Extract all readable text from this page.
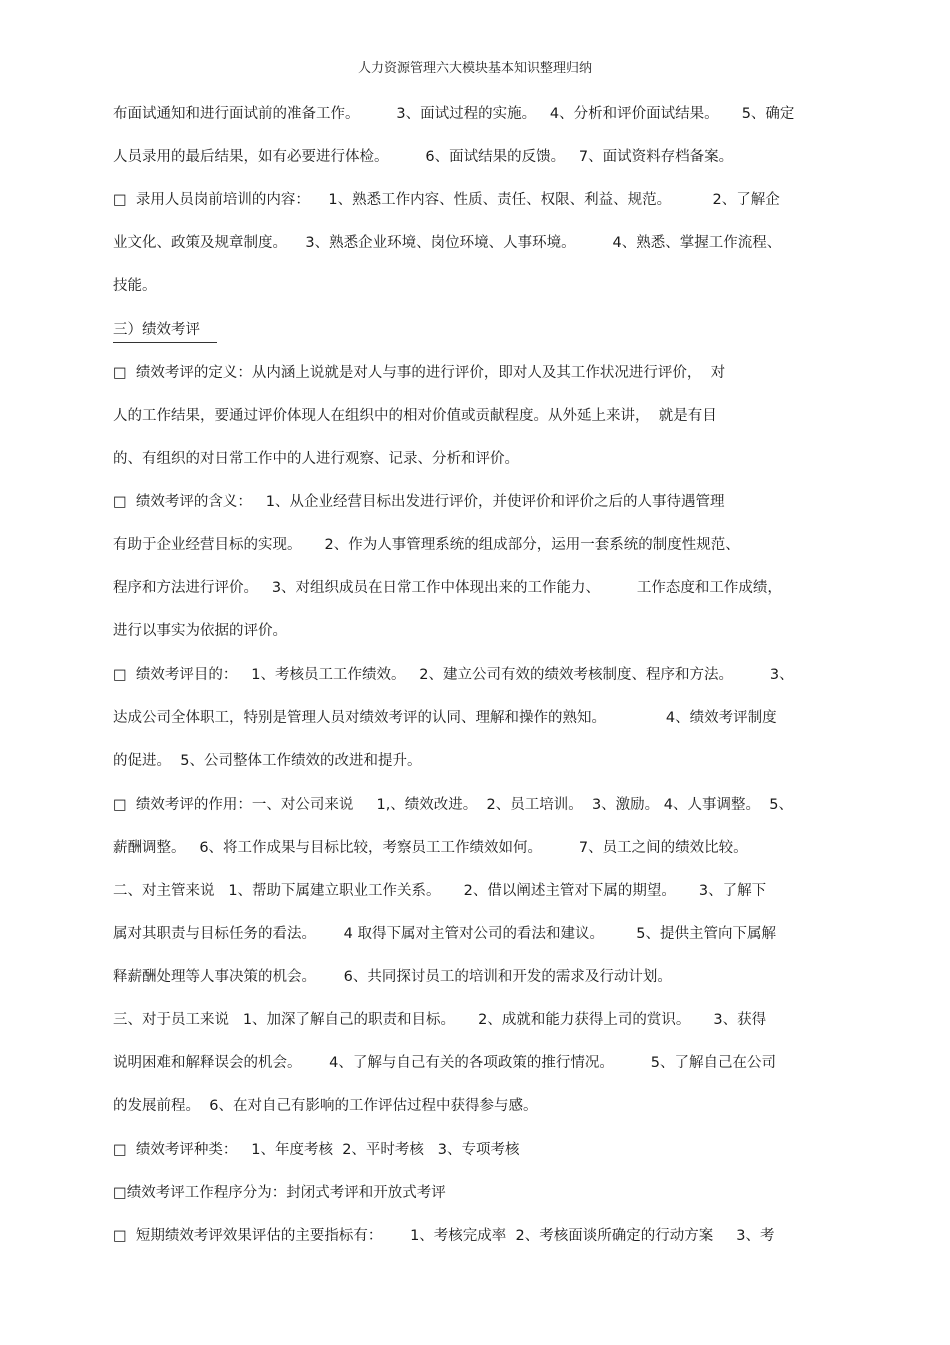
人力资源管理六大模块基本知识整理归纳
布面试通知和进行面试前的准备工作。        3、面试过程的实施。   4、分析和评价面试结果。     5、确定
人员录用的最后结果，如有必要进行体检。        6、面试结果的反馈。   7、面试资料存档备案。
□  录用人员岗前培训的内容：    1、熟悉工作内容、性质、责任、权限、利益、规范。         2、了解企
业文化、政策及规章制度。    3、熟悉企业环境、岗位环境、人事环境。        4、熟悉、掌握工作流程、
技能。
三）绩效考评
□  绩效考评的定义：从内涵上说就是对人与事的进行评价，即对人及其工作状况进行评价，  对
人的工作结果，要通过评价体现人在组织中的相对价值或贡献程度。从外延上来讲，  就是有目
的、有组织的对日常工作中的人进行观察、记录、分析和评价。
□  绩效考评的含义：   1、从企业经营目标出发进行评价，并使评价和评价之后的人事待遇管理
有助于企业经营目标的实现。     2、作为人事管理系统的组成部分，运用一套系统的制度性规范、
程序和方法进行评价。   3、对组织成员在日常工作中体现出来的工作能力、        工作态度和工作成绩，
进行以事实为依据的评价。
□  绩效考评目的：   1、考核员工工作绩效。   2、建立公司有效的绩效考核制度、程序和方法。        3、
达成公司全体职工，特别是管理人员对绩效考评的认同、理解和操作的熟知。             4、绩效考评制度
的促进。  5、公司整体工作绩效的改进和提升。
□  绩效考评的作用：一、对公司来说     1,、绩效改进。  2、员工培训。  3、激励。 4、人事调整。  5、
薪酬调整。   6、将工作成果与目标比较，考察员工工作绩效如何。        7、员工之间的绩效比较。
二、对主管来说   1、帮助下属建立职业工作关系。     2、借以阐述主管对下属的期望。     3、了解下
属对其职责与目标任务的看法。      4 取得下属对主管对公司的看法和建议。       5、提供主管向下属解
释薪酬处理等人事决策的机会。      6、共同探讨员工的培训和开发的需求及行动计划。
三、对于员工来说   1、加深了解自己的职责和目标。     2、成就和能力获得上司的赏识。     3、获得
说明困难和解释误会的机会。      4、了解与自己有关的各项政策的推行情况。        5、了解自己在公司
的发展前程。  6、在对自己有影响的工作评估过程中获得参与感。
□  绩效考评种类：   1、年度考核  2、平时考核   3、专项考核
□绩效考评工作程序分为：封闭式考评和开放式考评
□  短期绩效考评效果评估的主要指标有：      1、考核完成率  2、考核面谈所确定的行动方案     3、考
